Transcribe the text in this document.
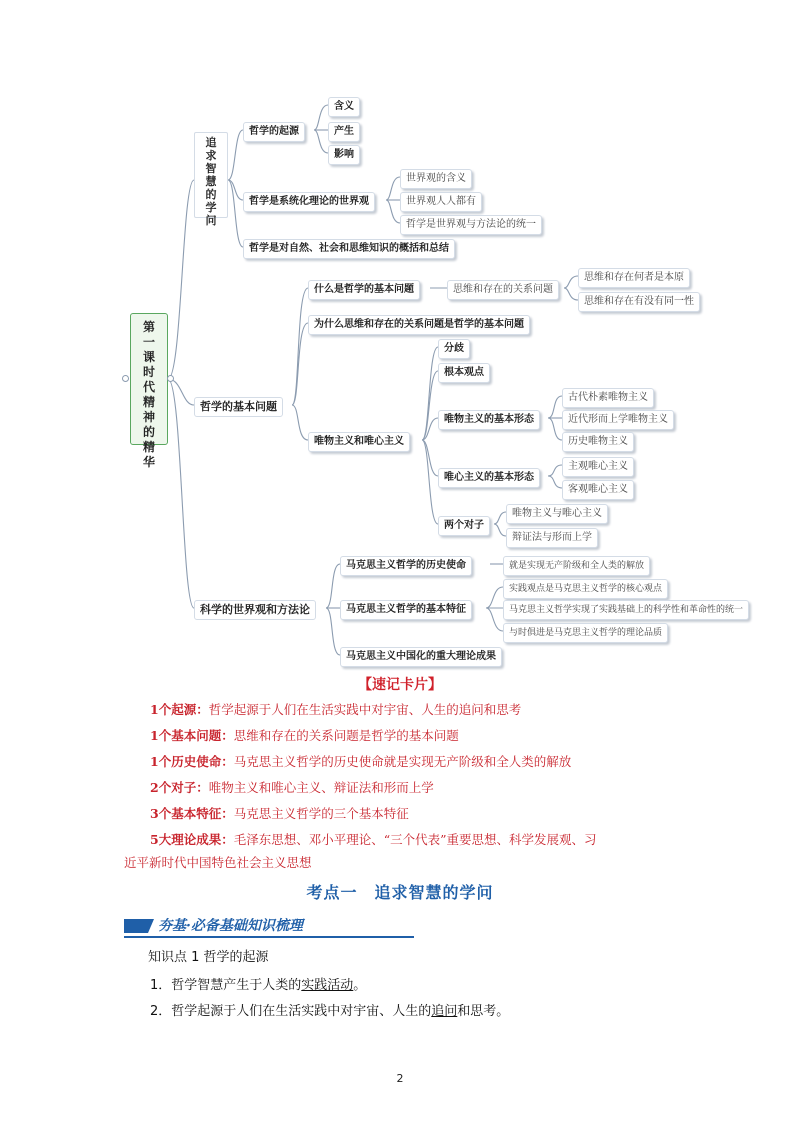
第一课时代精神的精华
追求智慧的学问
哲学的起源
含义
产生
影响
哲学是系统化理论的世界观
世界观的含义
世界观人人都有
哲学是世界观与方法论的统一
哲学是对自然、社会和思维知识的概括和总结
哲学的基本问题
什么是哲学的基本问题	思维和存在的关系问题
思维和存在何者是本原
思维和存在有没有同一性
为什么思维和存在的关系问题是哲学的基本问题
唯物主义和唯心主义
分歧
根本观点
唯物主义的基本形态
古代朴素唯物主义
近代形而上学唯物主义
历史唯物主义
唯心主义的基本形态
主观唯心主义
客观唯心主义
两个对子
唯物主义与唯心主义
辩证法与形而上学
科学的世界观和方法论
马克思主义哲学的历史使命	就是实现无产阶级和全人类的解放
马克思主义哲学的基本特征
实践观点是马克思主义哲学的核心观点
马克思主义哲学实现了实践基础上的科学性和革命性的统一
与时俱进是马克思主义哲学的理论品质
马克思主义中国化的重大理论成果
【速记卡片】
1个起源：哲学起源于人们在生活实践中对宇宙、人生的追问和思考
1个基本问题：思维和存在的关系问题是哲学的基本问题
1个历史使命：马克思主义哲学的历史使命就是实现无产阶级和全人类的解放
2个对子：唯物主义和唯心主义、辩证法和形而上学
3个基本特征：马克思主义哲学的三个基本特征
5大理论成果：毛泽东思想、邓小平理论、“三个代表”重要思想、科学发展观、习
近平新时代中国特色社会主义思想
考点一　追求智慧的学问
夯基·必备基础知识梳理
知识点 1 哲学的起源
1．哲学智慧产生于人类的实践活动。
2．哲学起源于人们在生活实践中对宇宙、人生的追问和思考。
2
